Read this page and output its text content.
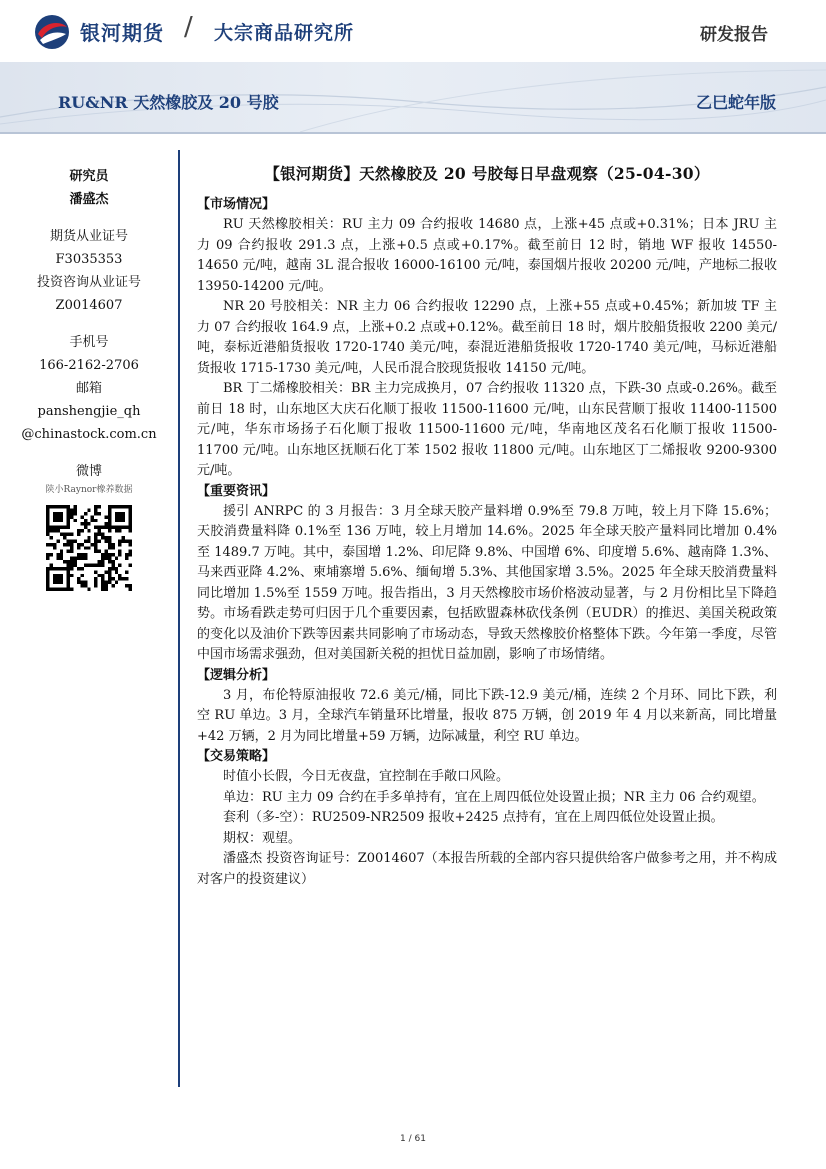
银河期货 / 大宗商品研究所	研发报告
RU&NR 天然橡胶及 20 号胶	乙巳蛇年版
研究员
潘盛杰
期货从业证号
F3035353
投资咨询从业证号
Z0014607
手机号
166-2162-2706
邮箱
panshengjie_qh
@chinastock.com.cn
微博
陕小Raynor橡养数据
【银河期货】天然橡胶及 20 号胶每日早盘观察（25-04-30）
【市场情况】
RU 天然橡胶相关：RU 主力 09 合约报收 14680 点，上涨+45 点或+0.31%；日本 JRU 主力 09 合约报收 291.3 点，上涨+0.5 点或+0.17%。截至前日 12 时，销地 WF 报收 14550-14650 元/吨，越南 3L 混合报收 16000-16100 元/吨，泰国烟片报收 20200 元/吨，产地标二报收 13950-14200 元/吨。
NR 20 号胶相关：NR 主力 06 合约报收 12290 点，上涨+55 点或+0.45%；新加坡 TF 主力 07 合约报收 164.9 点，上涨+0.2 点或+0.12%。截至前日 18 时，烟片胶船货报收 2200 美元/吨，泰标近港船货报收 1720-1740 美元/吨，泰混近港船货报收 1720-1740 美元/吨，马标近港船货报收 1715-1730 美元/吨，人民币混合胶现货报收 14150 元/吨。
BR 丁二烯橡胶相关：BR 主力完成换月，07 合约报收 11320 点，下跌-30 点或-0.26%。截至前日 18 时，山东地区大庆石化顺丁报收 11500-11600 元/吨，山东民营顺丁报收 11400-11500 元/吨，华东市场扬子石化顺丁报收 11500-11600 元/吨，华南地区茂名石化顺丁报收 11500-11700 元/吨。山东地区抚顺石化丁苯 1502 报收 11800 元/吨。山东地区丁二烯报收 9200-9300 元/吨。
【重要资讯】
援引 ANRPC 的 3 月报告：3 月全球天胶产量料增 0.9%至 79.8 万吨，较上月下降 15.6%；天胶消费量料降 0.1%至 136 万吨，较上月增加 14.6%。2025 年全球天胶产量料同比增加 0.4%至 1489.7 万吨。其中，泰国增 1.2%、印尼降 9.8%、中国增 6%、印度增 5.6%、越南降 1.3%、马来西亚降 4.2%、柬埔寨增 5.6%、缅甸增 5.3%、其他国家增 3.5%。2025 年全球天胶消费量料同比增加 1.5%至 1559 万吨。报告指出，3 月天然橡胶市场价格波动显著，与 2 月份相比呈下降趋势。市场看跌走势可归因于几个重要因素，包括欧盟森林砍伐条例（EUDR）的推迟、美国关税政策的变化以及油价下跌等因素共同影响了市场动态，导致天然橡胶价格整体下跌。今年第一季度，尽管中国市场需求强劲，但对美国新关税的担忧日益加剧，影响了市场情绪。
【逻辑分析】
3 月，布伦特原油报收 72.6 美元/桶，同比下跌-12.9 美元/桶，连续 2 个月环、同比下跌，利空 RU 单边。3 月，全球汽车销量环比增量，报收 875 万辆，创 2019 年 4 月以来新高，同比增量+42 万辆，2 月为同比增量+59 万辆，边际减量，利空 RU 单边。
【交易策略】
时值小长假，今日无夜盘，宜控制在手敞口风险。
单边：RU 主力 09 合约在手多单持有，宜在上周四低位处设置止损；NR 主力 06 合约观望。
套利（多-空）：RU2509-NR2509 报收+2425 点持有，宜在上周四低位处设置止损。
期权：观望。
潘盛杰 投资咨询证号：Z0014607（本报告所载的全部内容只提供给客户做参考之用，并不构成对客户的投资建议）
1 / 61
